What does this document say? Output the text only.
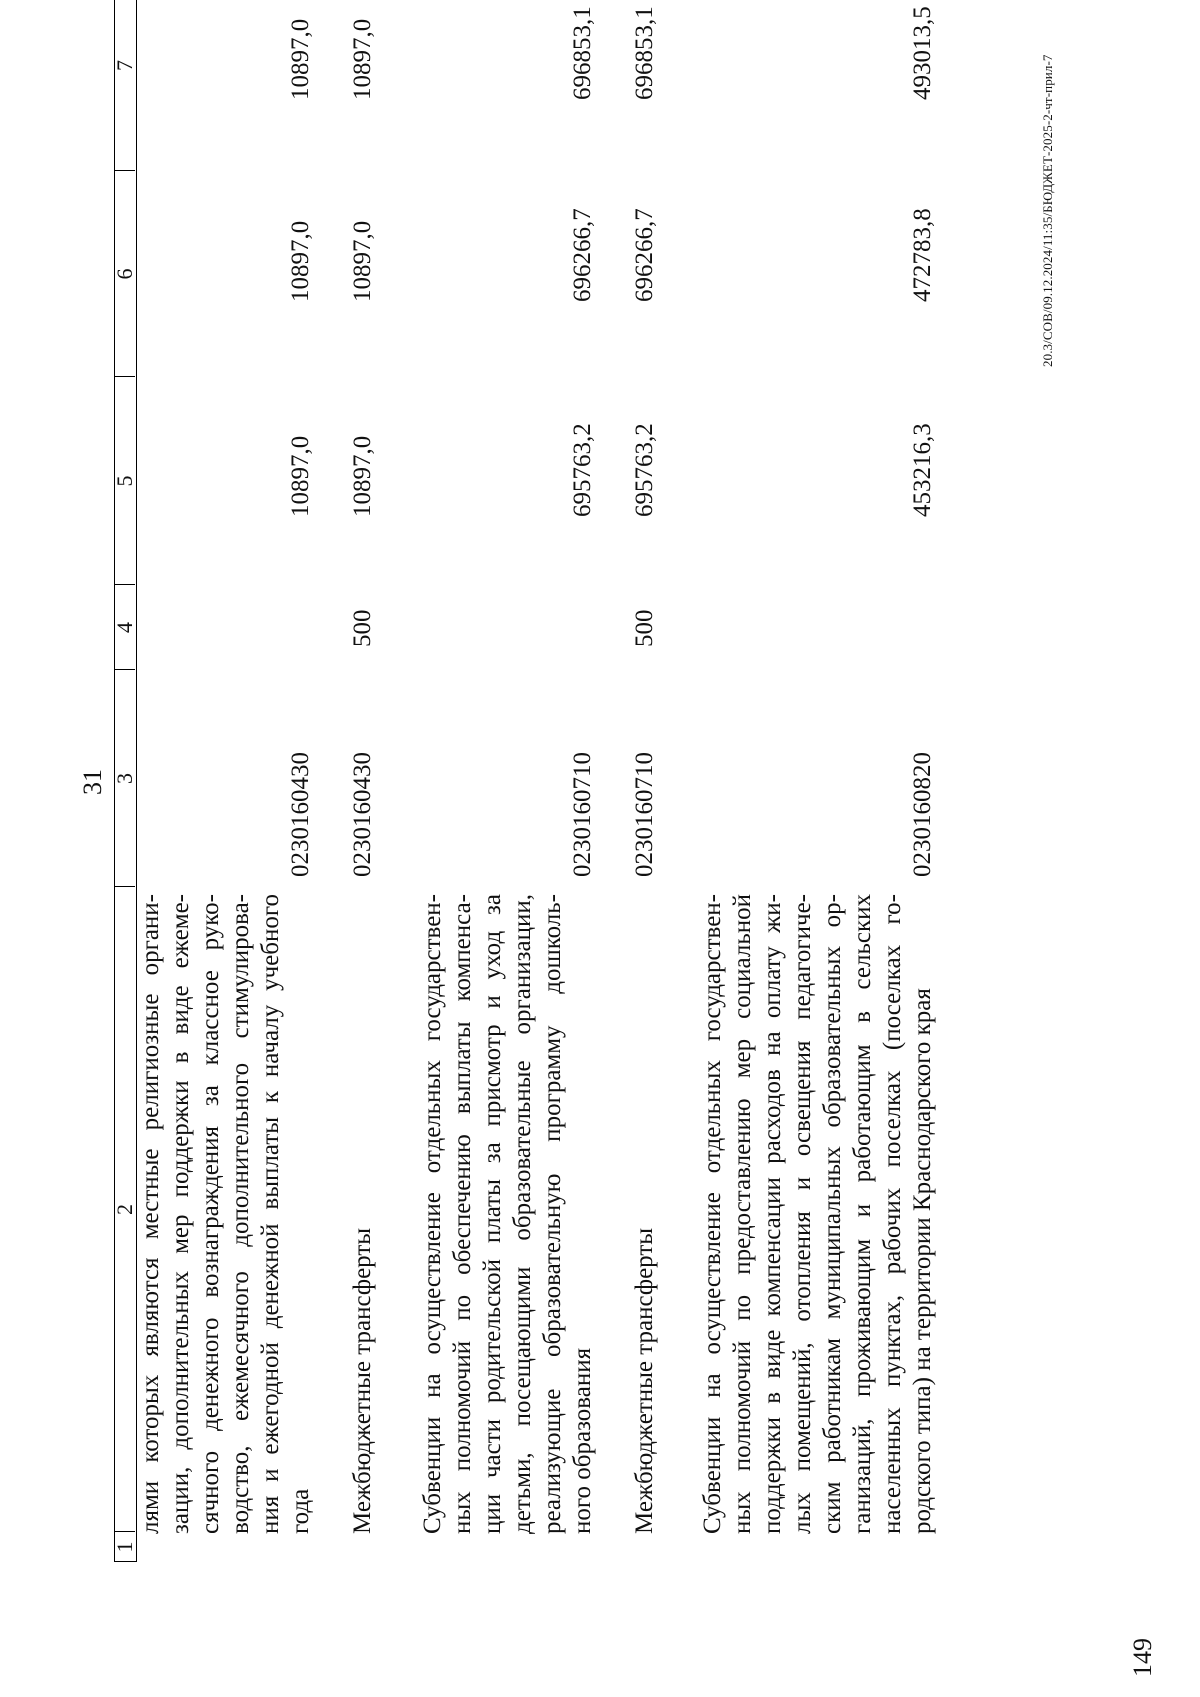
31
1
2
3
4
5
6
7
лями которых являются местные религиозные органи- зации, дополнительных мер поддержки в виде ежеме- сячного денежного вознаграждения за классное руко- водство, ежемесячного дополнительного стимулирова- ния и ежегодной денежной выплаты к началу учебного года
0230160430
10897,0
10897,0
10897,0
Межбюджетные трансферты
0230160430
500
10897,0
10897,0
10897,0
Субвенции на осуществление отдельных государствен- ных полномочий по обеспечению выплаты компенса- ции части родительской платы за присмотр и уход за детьми, посещающими образовательные организации, реализующие образовательную программу дошколь- ного образования
0230160710
695763,2
696266,7
696853,1
Межбюджетные трансферты
0230160710
500
695763,2
696266,7
696853,1
Субвенции на осуществление отдельных государствен- ных полномочий по предоставлению мер социальной поддержки в виде компенсации расходов на оплату жи- лых помещений, отопления и освещения педагогиче- ским работникам муниципальных образовательных ор- ганизаций, проживающим и работающим в сельских населенных пунктах, рабочих поселках (поселках го- родского типа) на территории Краснодарского края
0230160820
453216,3
472783,8
493013,5
20.3/СОВ/09.12.2024/11:35/БЮДЖЕТ-2025-2-чт-прил-7
149
